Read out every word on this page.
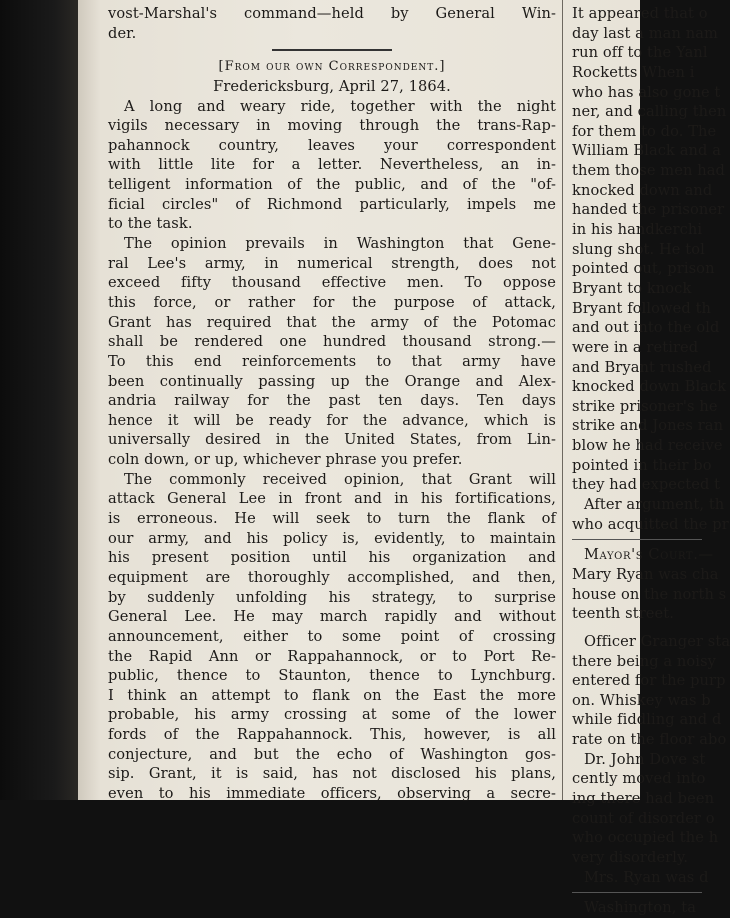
vost-Marshal's command—held by General Win-
der.
[From our own Correspondent.]
Fredericksburg, April 27, 1864.
A long and weary ride, together with the night
vigils necessary in moving through the trans-Rap-
pahannock country, leaves your correspondent
with little lite for a letter. Nevertheless, an in-
telligent information of the public, and of the "of-
ficial circles" of Richmond particularly, impels me
to the task.
The opinion prevails in Washington that Gene-
ral Lee's army, in numerical strength, does not
exceed fifty thousand effective men. To oppose
this force, or rather for the purpose of attack,
Grant has required that the army of the Potomac
shall be rendered one hundred thousand strong.—
To this end reinforcements to that army have
been continually passing up the Orange and Alex-
andria railway for the past ten days. Ten days
hence it will be ready for the advance, which is
universally desired in the United States, from Lin-
coln down, or up, whichever phrase you prefer.
The commonly received opinion, that Grant will
attack General Lee in front and in his fortifications,
is erroneous. He will seek to turn the flank of
our army, and his policy is, evidently, to maintain
his present position until his organization and
equipment are thoroughly accomplished, and then,
by suddenly unfolding his strategy, to surprise
General Lee. He may march rapidly and without
announcement, either to some point of crossing
the Rapid Ann or Rappahannock, or to Port Re-
public, thence to Staunton, thence to Lynchburg.
I think an attempt to flank on the East the more
probable, his army crossing at some of the lower
fords of the Rappahannock. This, however, is all
conjecture, and but the echo of Washington gos-
sip. Grant, it is said, has not disclosed his plans,
even to his immediate officers, observing a secre-
It appeared that o
day last a man nam
run off to the Yanl
Rocketts When i
who has also gone t
ner, and calling then
for them to do. The
William Black and a
them those men had
knocked down and
handed the prisoner
in his handkerchi
slung shot. He tol
pointed out, prison
Bryant to knock
Bryant followed th
and out into the old
were in a retired
and Bryant rushed
knocked down Black
strike prisoner's he
strike and Jones ran
blow he had receive
pointed in their bo
they had expected t
After argument, th
who acquitted the pr
Mayor's Court.—
Mary Ryan was cha
house on the north s
teenth street.
Officer Granger sta
there being a noisy
entered for the purp
on. Whiskey was b
while fiddling and d
rate on the floor abo
Dr. John Dove st
cently moved into
ing there had been
count of disorder o
who occupied the h
very disorderly.
Mrs. Ryan was d
Washington, ta
